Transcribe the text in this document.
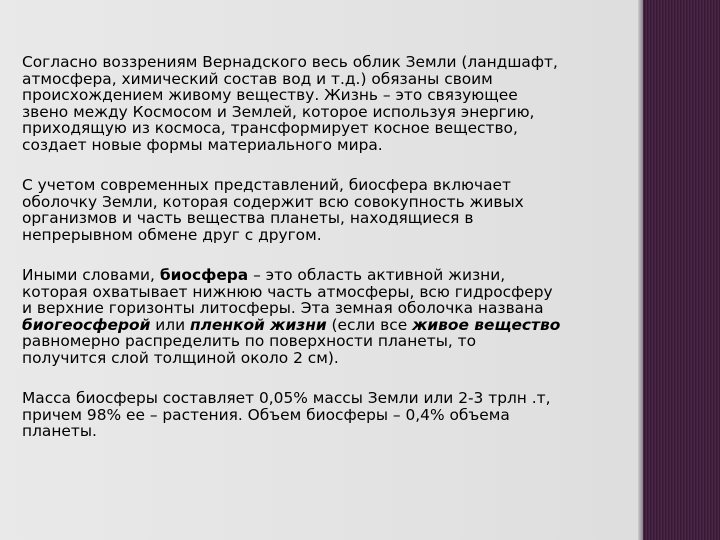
Согласно воззрениям Вернадского весь облик Земли (ландшафт,
атмосфера, химический состав вод и т.д.) обязаны своим
происхождением живому веществу. Жизнь – это связующее
звено между Космосом и Землей, которое используя энергию,
приходящую из космоса, трансформирует косное вещество,
создает новые формы материального мира.
С учетом современных представлений, биосфера включает
оболочку Земли, которая содержит всю совокупность живых
организмов и часть вещества планеты, находящиеся в
непрерывном обмене друг с другом.
Иными словами, биосфера – это область активной жизни,
которая охватывает нижнюю часть атмосферы, всю гидросферу
и верхние горизонты литосферы. Эта земная оболочка названа
биогеосферой или пленкой жизни (если все живое вещество
равномерно распределить по поверхности планеты, то
получится слой толщиной около 2 см).
Масса биосферы составляет 0,05% массы Земли или 2-3 трлн .т,
причем 98% ее – растения. Объем биосферы – 0,4% объема
планеты.
